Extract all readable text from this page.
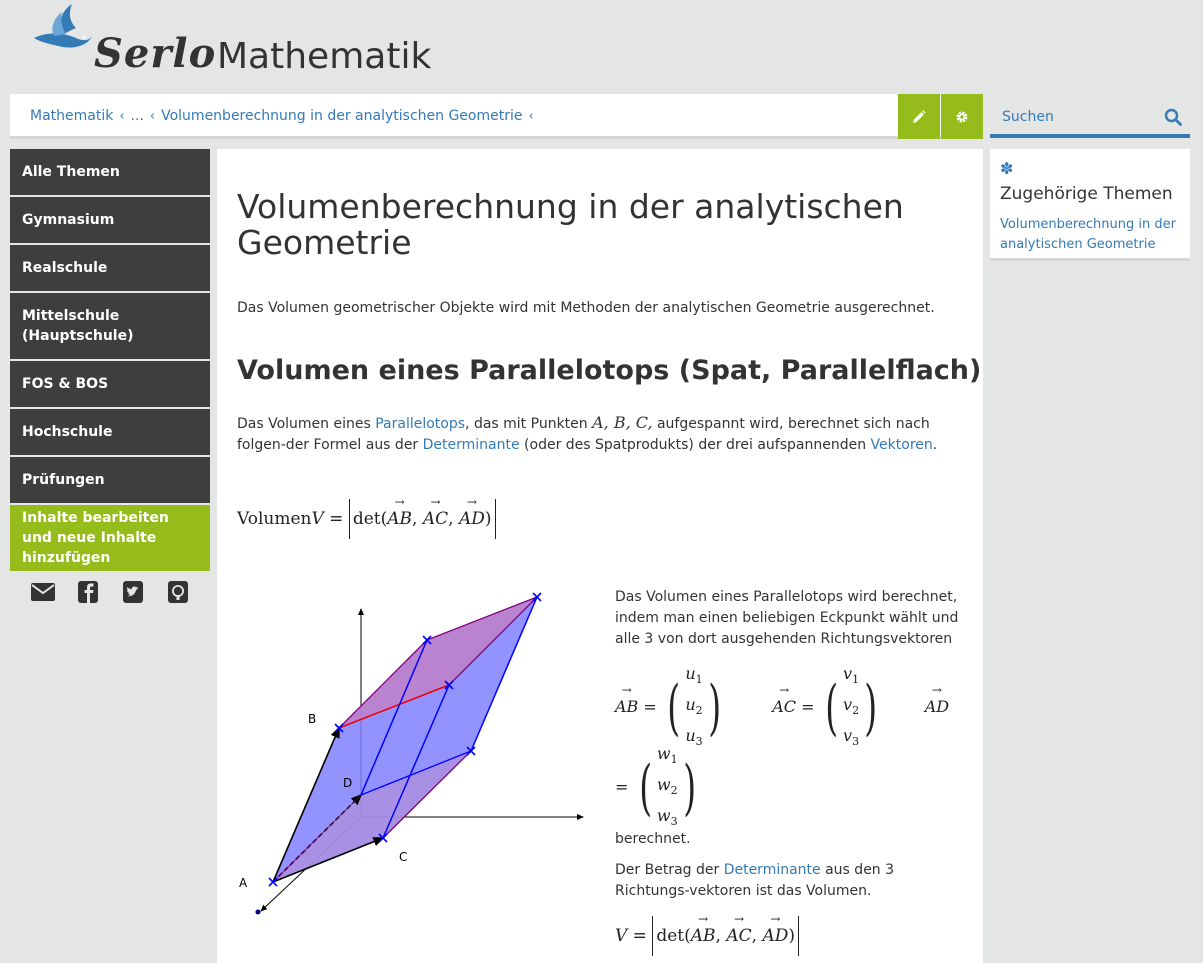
Serlo Mathematik
Mathematik ‹ ... ‹ Volumenberechnung in der analytischen Geometrie ‹	Suchen
Alle Themen
Gymnasium
Realschule
Mittelschule (Hauptschule)
FOS & BOS
Hochschule
Prüfungen
Inhalte bearbeiten und neue Inhalte hinzufügen
Volumenberechnung in der analytischen Geometrie

Das Volumen geometrischer Objekte wird mit Methoden der analytischen Geometrie ausgerechnet.

Volumen eines Parallelotops (Spat, Parallelflach)

Das Volumen eines Parallelotops, das mit Punkten A, B, C, aufgespannt wird, berechnet sich nach folgen-der Formel aus der Determinante (oder des Spatprodukts) der drei aufspannenden Vektoren.

VolumenV = det(→ AB, → AC, → AD)
A
B
C
D

Das Volumen eines Parallelotops wird berechnet, indem man einen beliebigen Eckpunkt wählt und alle 3 von dort ausgehenden Richtungsvektoren

→ AB = ( $u_1$
$u_2$
$u_3$ )	→ AC = ( $v_1$
$v_2$
$v_3$ )	→ AD
= ( $w_1$
$w_2$
$w_3$ )

berechnet.

Der Betrag der Determinante aus den 3 Richtungs-vektoren ist das Volumen.

V = det(→ AB, → AC, → AD)
✽
Zugehörige Themen
Volumenberechnung in der analytischen Geometrie
